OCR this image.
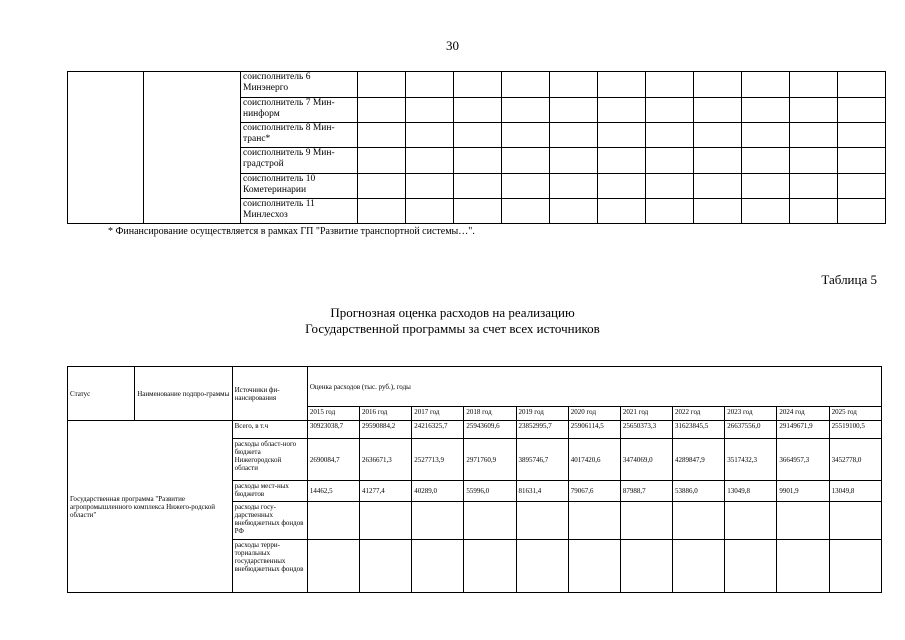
30
		соисполнитель 6 Минэнерго											
		соисполнитель 7 Мин-нинформ											
		соисполнитель 8 Мин-транс*											
		соисполнитель 9 Мин-градстрой											
		соисполнитель 10 Кометеринарии											
		соисполнитель 11 Минлесхоз											
* Финансирование осуществляется в рамках ГП "Развитие транспортной системы…".
Таблица 5
Прогнозная оценка расходов на реализацию
Государственной программы за счет всех источников
Статус	Наименование подпро-граммы	Источники фи-нансирования	Оценка расходов (тыс. руб.), годы										
			2015 год	2016 год	2017 год	2018 год	2019 год	2020 год	2021 год	2022 год	2023 год	2024 год	2025 год
Государственная программа "Развитие агропромышленного комплекса Нижего-родской области"		Всего, в т.ч	30923038,7	29590884,2	24216325,7	25943609,6	23852995,7	25906114,5	25650373,3	31623845,5	26637556,0	29149671,9	25519100,5
		расходы област-ного бюджета Нижегородской области	2690084,7	2636671,3	2527713,9	2971760,9	3895746,7	4017420,6	3474069,0	4289847,9	3517432,3	3664957,3	3452778,0
		расходы мест-ных бюджетов	14462,5	41277,4	40289,0	55996,0	81631,4	79067,6	87988,7	53886,0	13049,8	9901,9	13049,8
		расходы госу-дарственных внебюджетных фондов РФ											
		расходы терри-ториальных государственных внебюджетных фондов											
